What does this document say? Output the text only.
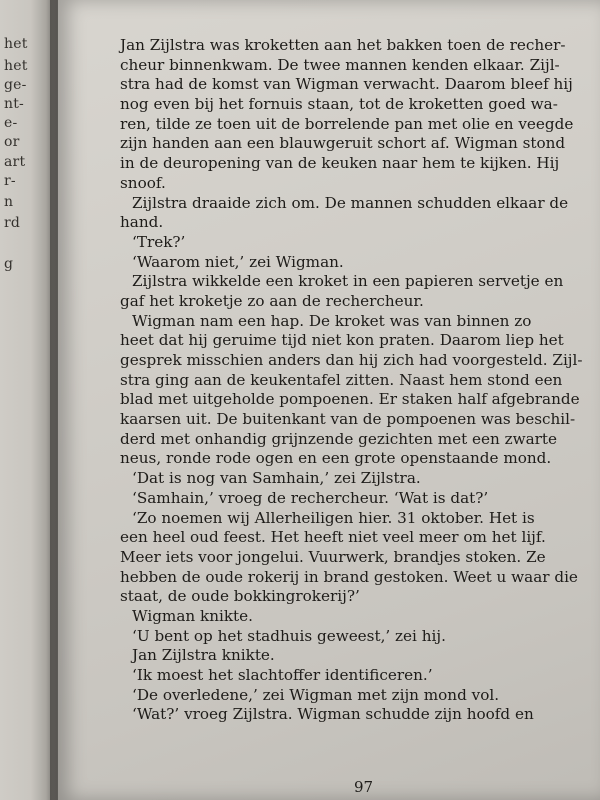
het
het
ge-
nt-
e-
or
art
r-
n
rd
g
Jan Zijlstra was kroketten aan het bakken toen de recher-
cheur binnenkwam. De twee mannen kenden elkaar. Zijl-
stra had de komst van Wigman verwacht. Daarom bleef hij
nog even bij het fornuis staan, tot de kroketten goed wa-
ren, tilde ze toen uit de borrelende pan met olie en veegde
zijn handen aan een blauwgeruit schort af. Wigman stond
in de deuropening van de keuken naar hem te kijken. Hij
snoof.
Zijlstra draaide zich om. De mannen schudden elkaar de
hand.
‘Trek?’
‘Waarom niet,’ zei Wigman.
Zijlstra wikkelde een kroket in een papieren servetje en
gaf het kroketje zo aan de rechercheur.
Wigman nam een hap. De kroket was van binnen zo
heet dat hij geruime tijd niet kon praten. Daarom liep het
gesprek misschien anders dan hij zich had voorgesteld. Zijl-
stra ging aan de keukentafel zitten. Naast hem stond een
blad met uitgeholde pompoenen. Er staken half afgebrande
kaarsen uit. De buitenkant van de pompoenen was beschil-
derd met onhandig grijnzende gezichten met een zwarte
neus, ronde rode ogen en een grote openstaande mond.
‘Dat is nog van Samhain,’ zei Zijlstra.
‘Samhain,’ vroeg de rechercheur. ‘Wat is dat?’
‘Zo noemen wij Allerheiligen hier. 31 oktober. Het is
een heel oud feest. Het heeft niet veel meer om het lijf.
Meer iets voor jongelui. Vuurwerk, brandjes stoken. Ze
hebben de oude rokerij in brand gestoken. Weet u waar die
staat, de oude bokkingrokerij?’
Wigman knikte.
‘U bent op het stadhuis geweest,’ zei hij.
Jan Zijlstra knikte.
‘Ik moest het slachtoffer identificeren.’
‘De overledene,’ zei Wigman met zijn mond vol.
‘Wat?’ vroeg Zijlstra. Wigman schudde zijn hoofd en
97
